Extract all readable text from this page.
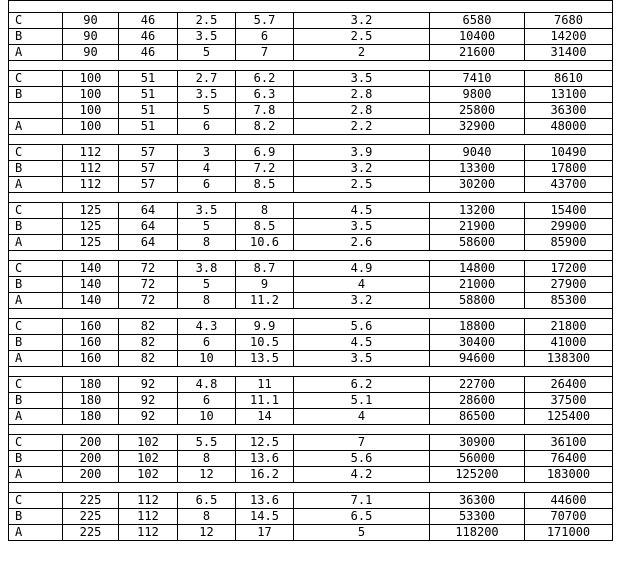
C	90	46	2.5	5.7	3.2	6580	7680
B	90	46	3.5	6	2.5	10400	14200
A	90	46	5	7	2	21600	31400

C	100	51	2.7	6.2	3.5	7410	8610
B	100	51	3.5	6.3	2.8	9800	13100
	100	51	5	7.8	2.8	25800	36300
A	100	51	6	8.2	2.2	32900	48000

C	112	57	3	6.9	3.9	9040	10490
B	112	57	4	7.2	3.2	13300	17800
A	112	57	6	8.5	2.5	30200	43700

C	125	64	3.5	8	4.5	13200	15400
B	125	64	5	8.5	3.5	21900	29900
A	125	64	8	10.6	2.6	58600	85900

C	140	72	3.8	8.7	4.9	14800	17200
B	140	72	5	9	4	21000	27900
A	140	72	8	11.2	3.2	58800	85300

C	160	82	4.3	9.9	5.6	18800	21800
B	160	82	6	10.5	4.5	30400	41000
A	160	82	10	13.5	3.5	94600	138300

C	180	92	4.8	11	6.2	22700	26400
B	180	92	6	11.1	5.1	28600	37500
A	180	92	10	14	4	86500	125400

C	200	102	5.5	12.5	7	30900	36100
B	200	102	8	13.6	5.6	56000	76400
A	200	102	12	16.2	4.2	125200	183000

C	225	112	6.5	13.6	7.1	36300	44600
B	225	112	8	14.5	6.5	53300	70700
A	225	112	12	17	5	118200	171000
